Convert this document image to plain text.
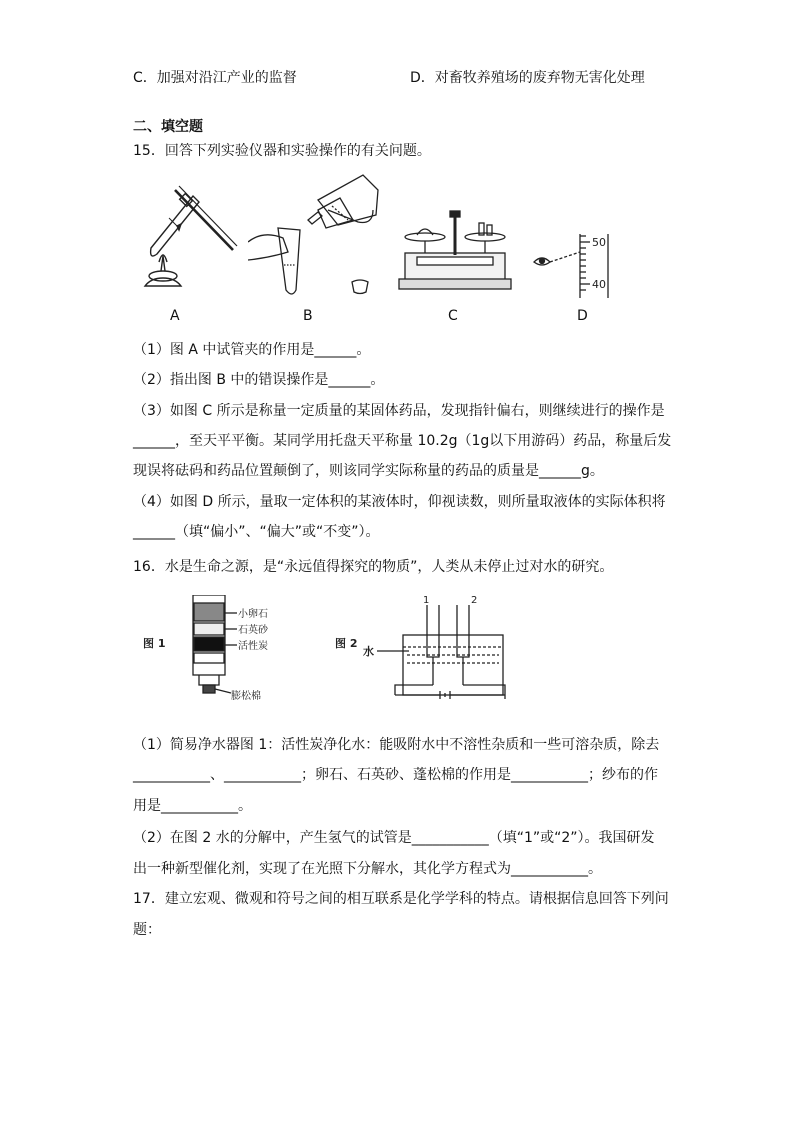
C．加强对沿江产业的监督	D．对畜牧养殖场的废弃物无害化处理
二、填空题
15．回答下列实验仪器和实验操作的有关问题。
A	B	C
50
40
D
（1）图 A 中试管夹的作用是______。
（2）指出图 B 中的错误操作是______。
（3）如图 C 所示是称量一定质量的某固体药品，发现指针偏右，则继续进行的操作是
______，至天平平衡。某同学用托盘天平称量 10.2g（1g以下用游码）药品，称量后发
现误将砝码和药品位置颠倒了，则该同学实际称量的药品的质量是______g。
（4）如图 D 所示，量取一定体积的某液体时，仰视读数，则所量取液体的实际体积将
______（填“偏小”、“偏大”或“不变”）。
16．水是生命之源，是“永远值得探究的物质”，人类从未停止过对水的研究。
图 1
小卵石
石英砂
活性炭
膨松棉
图 2
1	2
水
（1）简易净水器图 1：活性炭净化水：能吸附水中不溶性杂质和一些可溶杂质，除去
___________、___________；卵石、石英砂、蓬松棉的作用是___________；纱布的作
用是___________。
（2）在图 2 水的分解中，产生氢气的试管是___________（填“1”或“2”）。我国研发
出一种新型催化剂，实现了在光照下分解水，其化学方程式为___________。
17．建立宏观、微观和符号之间的相互联系是化学学科的特点。请根据信息回答下列问
题：
